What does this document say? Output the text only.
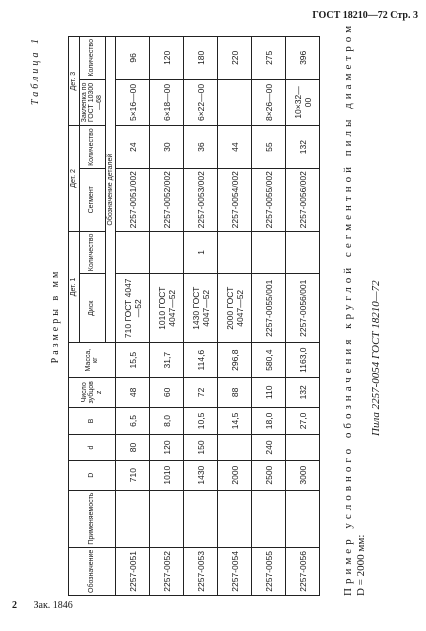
ГОСТ 18210—72 Стр. 3
Таблица 1
Размеры в мм
Обозначение	Применяемость	D	d	B	Число зубцов z	Масса, кг	Дет. 1		Дет. 2		Дет. 3	
							Диск	Количество	Сегмент	Количество	Заклепка по ГОСТ 10300—68	Количество
							Обозначение деталей					
2257-0051		710	80	6,5	48	15,5	710 ГОСТ 4047—52		2257-0051/002	24	5×16—00	96
2257-0052		1010	120	8,0	60	31,7	1010 ГОСТ 4047—52		2257-0052/002	30	6×18—00	120
2257-0053		1430	150	10,5	72	114,6	1430 ГОСТ 4047—52	1	2257-0053/002	36	6×22—00	180
2257-0054		2000		14,5	88	296,8	2000 ГОСТ 4047—52		2257-0054/002	44		220
2257-0055		2500	240	18,0	110	580,4	2257-0055/001		2257-0055/002	55	8×26—00	275
2257-0056		3000		27,0	132	1163,0	2257-0056/001		2257-0056/002	132	10×32—00	396	Пример условного обозначения круглой сегментной пилы диаметром D = 2000 мм:
Пила 2257-0054 ГОСТ 18210—72
2 Зак. 1846
